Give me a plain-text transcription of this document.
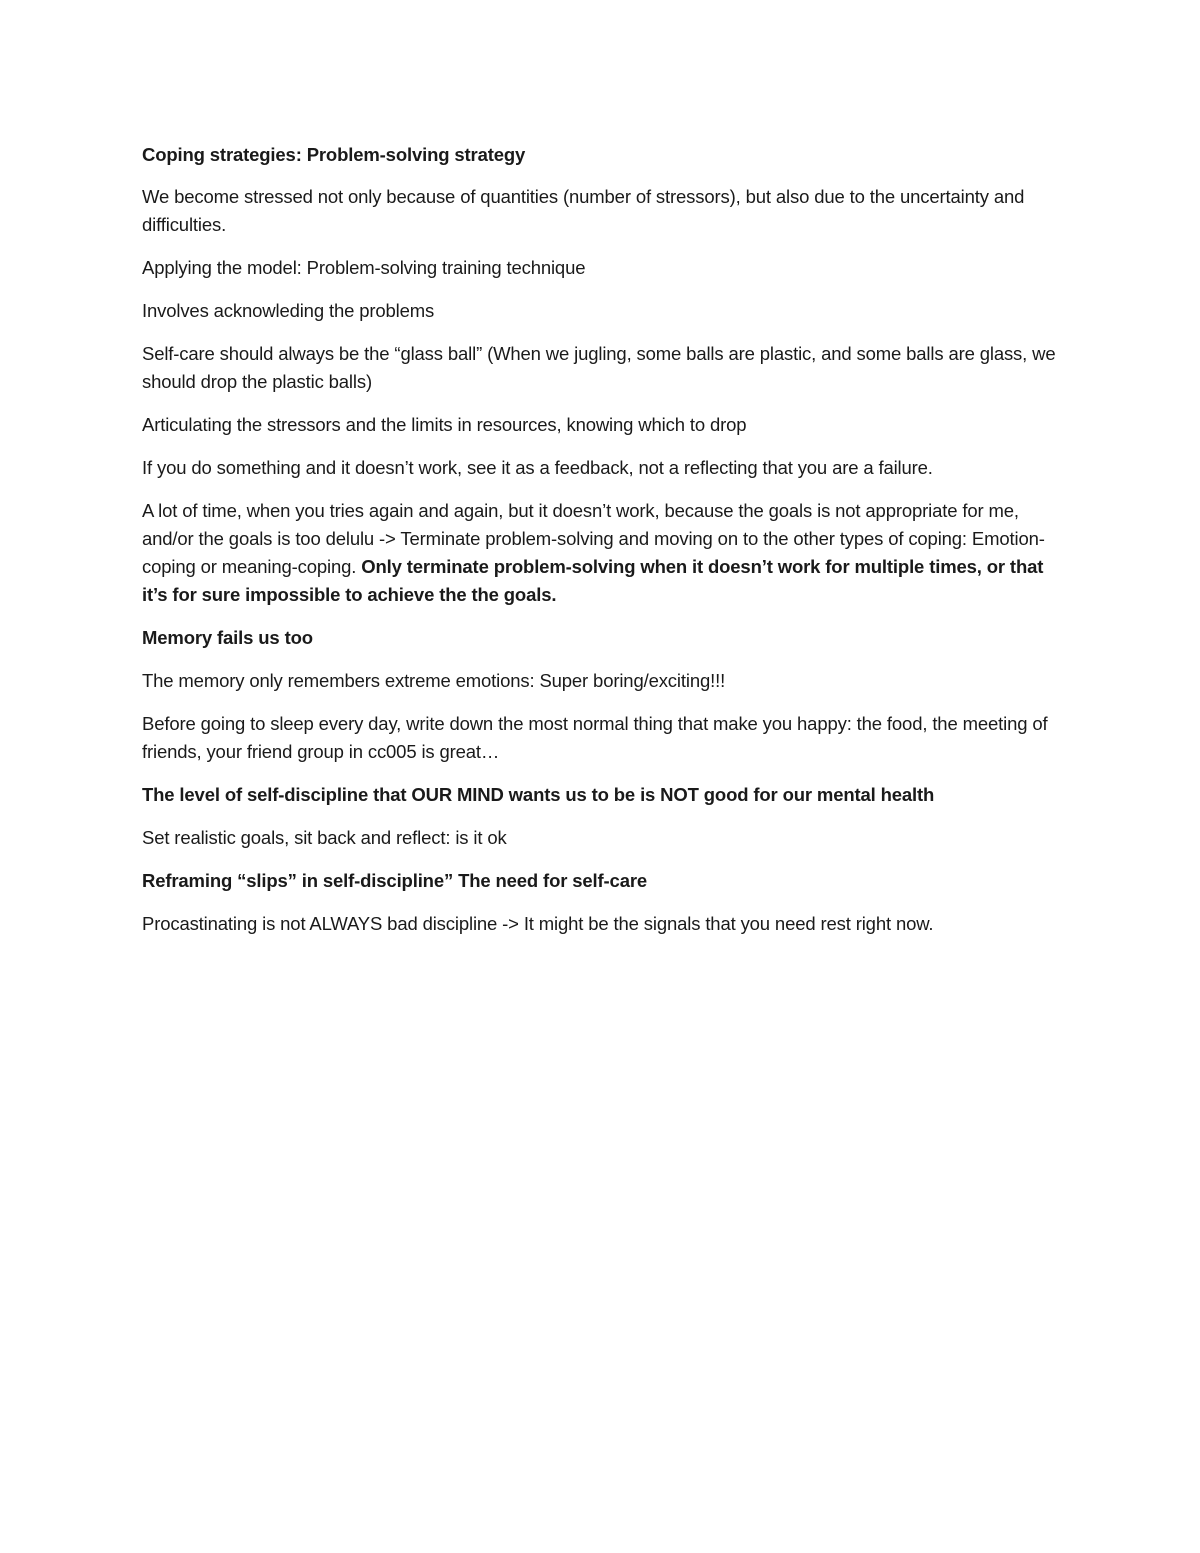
Coping strategies: Problem-solving strategy

We become stressed not only because of quantities (number of stressors), but also due to the uncertainty and difficulties.

Applying the model: Problem-solving training technique

Involves acknowleding the problems

Self-care should always be the “glass ball” (When we jugling, some balls are plastic, and some balls are glass, we should drop the plastic balls)

Articulating the stressors and the limits in resources, knowing which to drop

If you do something and it doesn’t work, see it as a feedback, not a reflecting that you are a failure.

A lot of time, when you tries again and again, but it doesn’t work, because the goals is not appropriate for me, and/or the goals is too delulu -> Terminate problem-solving and moving on to the other types of coping: Emotion-coping or meaning-coping. Only terminate problem-solving when it doesn’t work for multiple times, or that it’s for sure impossible to achieve the the goals.

Memory fails us too

The memory only remembers extreme emotions: Super boring/exciting!!!

Before going to sleep every day, write down the most normal thing that make you happy: the food, the meeting of friends, your friend group in cc005 is great…

The level of self-discipline that OUR MIND wants us to be is NOT good for our mental health

Set realistic goals, sit back and reflect: is it ok

Reframing “slips” in self-discipline” The need for self-care

Procastinating is not ALWAYS bad discipline -> It might be the signals that you need rest right now.
